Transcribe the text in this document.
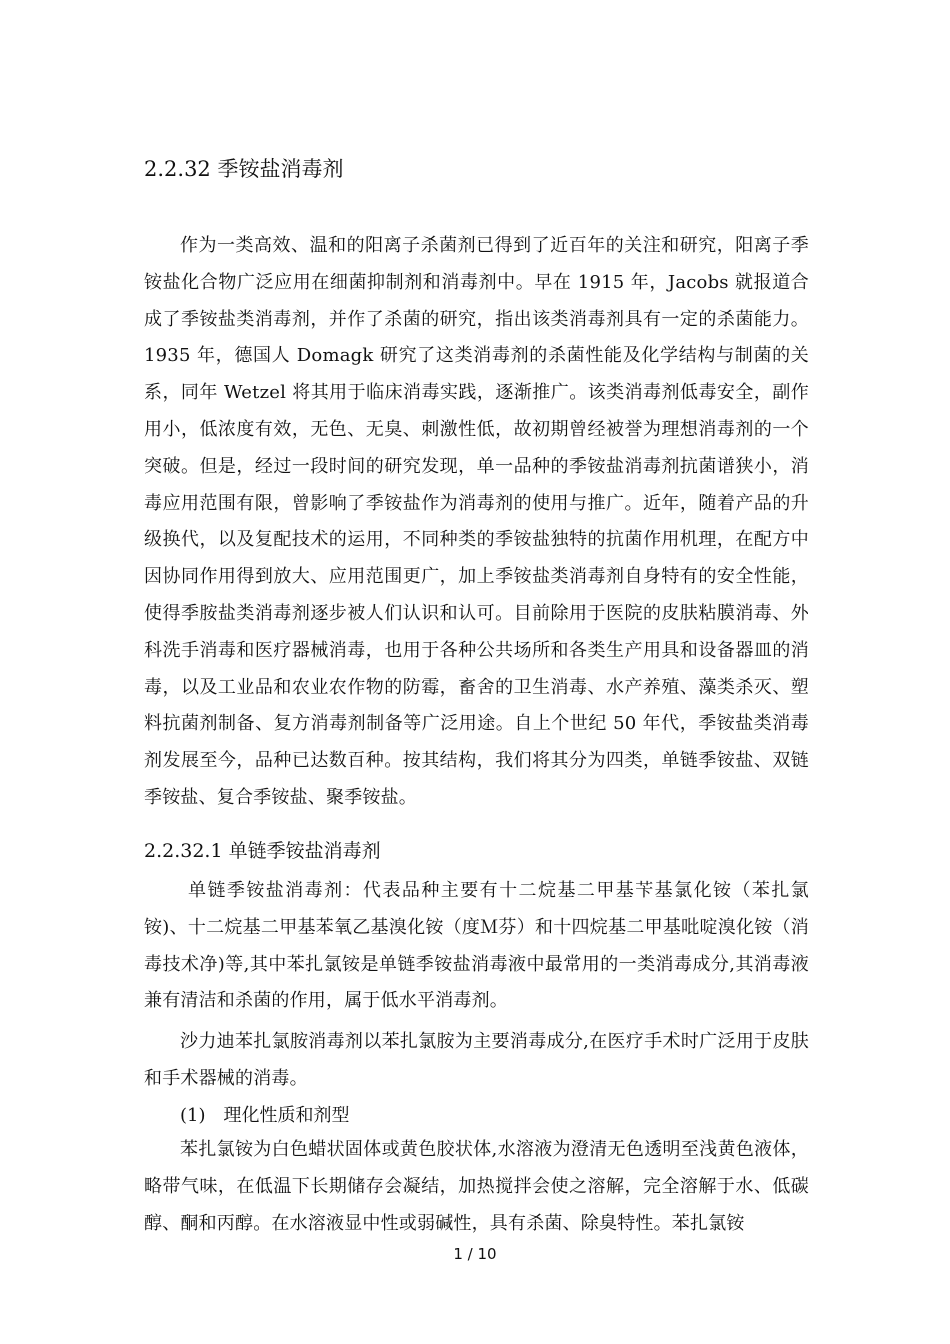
2.2.32 季铵盐消毒剂
作为一类高效、温和的阳离子杀菌剂已得到了近百年的关注和研究，阳离子季铵盐化合物广泛应用在细菌抑制剂和消毒剂中。早在 1915 年，Jacobs 就报道合成了季铵盐类消毒剂，并作了杀菌的研究，指出该类消毒剂具有一定的杀菌能力。1935 年，德国人 Domagk 研究了这类消毒剂的杀菌性能及化学结构与制菌的关系，同年 Wetzel 将其用于临床消毒实践，逐渐推广。该类消毒剂低毒安全，副作用小，低浓度有效，无色、无臭、刺激性低，故初期曾经被誉为理想消毒剂的一个突破。但是，经过一段时间的研究发现，单一品种的季铵盐消毒剂抗菌谱狭小，消毒应用范围有限，曾影响了季铵盐作为消毒剂的使用与推广。近年，随着产品的升级换代，以及复配技术的运用，不同种类的季铵盐独特的抗菌作用机理，在配方中因协同作用得到放大、应用范围更广，加上季铵盐类消毒剂自身特有的安全性能，使得季胺盐类消毒剂逐步被人们认识和认可。目前除用于医院的皮肤粘膜消毒、外科洗手消毒和医疗器械消毒，也用于各种公共场所和各类生产用具和设备器皿的消毒，以及工业品和农业农作物的防霉，畜舍的卫生消毒、水产养殖、藻类杀灭、塑料抗菌剂制备、复方消毒剂制备等广泛用途。自上个世纪 50 年代，季铵盐类消毒剂发展至今，品种已达数百种。按其结构，我们将其分为四类，单链季铵盐、双链季铵盐、复合季铵盐、聚季铵盐。
2.2.32.1 单链季铵盐消毒剂
单链季铵盐消毒剂：代表品种主要有十二烷基二甲基苄基氯化铵（苯扎氯铵)、十二烷基二甲基苯氧乙基溴化铵（度Ｍ芬）和十四烷基二甲基吡啶溴化铵（消毒技术净)等,其中苯扎氯铵是单链季铵盐消毒液中最常用的一类消毒成分,其消毒液兼有清洁和杀菌的作用，属于低水平消毒剂。
沙力迪苯扎氯胺消毒剂以苯扎氯胺为主要消毒成分,在医疗手术时广泛用于皮肤和手术器械的消毒。
(1)　理化性质和剂型
苯扎氯铵为白色蜡状固体或黄色胶状体,水溶液为澄清无色透明至浅黄色液体，略带气味，在低温下长期储存会凝结，加热搅拌会使之溶解，完全溶解于水、低碳醇、酮和丙醇。在水溶液显中性或弱碱性，具有杀菌、除臭特性。苯扎氯铵
1 / 10
